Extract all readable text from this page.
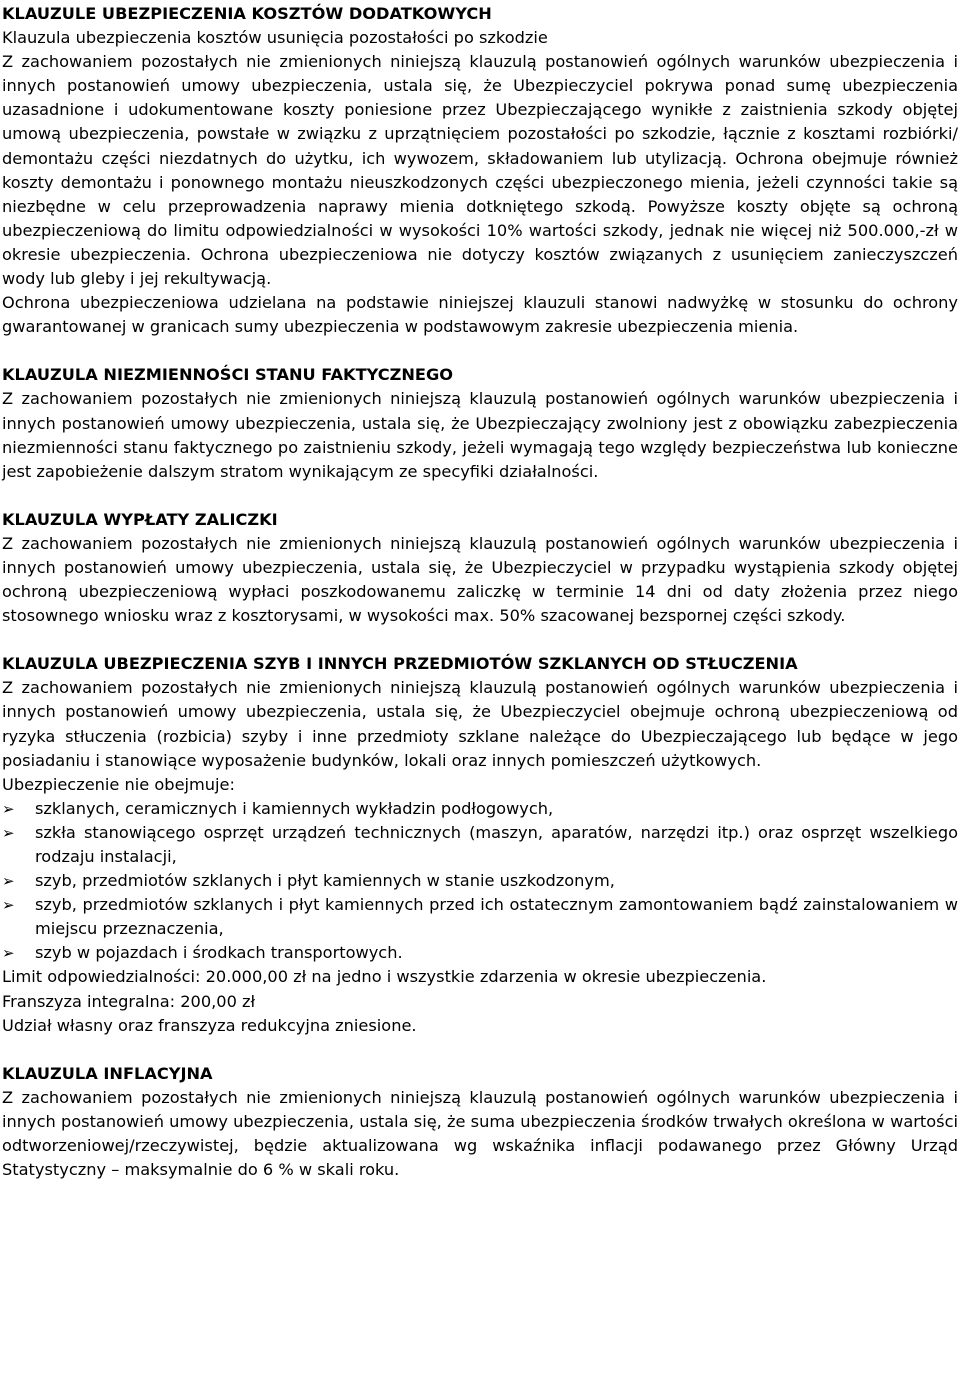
KLAUZULE UBEZPIECZENIA KOSZTÓW DODATKOWYCH

Klauzula ubezpieczenia kosztów usunięcia pozostałości po szkodzie

Z zachowaniem pozostałych nie zmienionych niniejszą klauzulą postanowień ogólnych warunków ubezpieczenia i innych postanowień umowy ubezpieczenia, ustala się, że Ubezpieczyciel pokrywa ponad sumę ubezpieczenia uzasadnione i udokumentowane koszty poniesione przez Ubezpieczającego wynikłe z zaistnienia szkody objętej umową ubezpieczenia, powstałe w związku z uprzątnięciem pozostałości po szkodzie, łącznie z kosztami rozbiórki/ demontażu części niezdatnych do użytku, ich wywozem, składowaniem lub utylizacją. Ochrona obejmuje również koszty demontażu i ponownego montażu nieuszkodzonych części ubezpieczonego mienia, jeżeli czynności takie są niezbędne w celu przeprowadzenia naprawy mienia dotkniętego szkodą. Powyższe koszty objęte są ochroną ubezpieczeniową do limitu odpowiedzialności w wysokości 10% wartości szkody, jednak nie więcej niż 500.000,-zł w okresie ubezpieczenia. Ochrona ubezpieczeniowa nie dotyczy kosztów związanych z usunięciem zanieczyszczeń wody lub gleby i jej rekultywacją.

Ochrona ubezpieczeniowa udzielana na podstawie niniejszej klauzuli stanowi nadwyżkę w stosunku do ochrony gwarantowanej w granicach sumy ubezpieczenia w podstawowym zakresie ubezpieczenia mienia.

KLAUZULA NIEZMIENNOŚCI STANU FAKTYCZNEGO

Z zachowaniem pozostałych nie zmienionych niniejszą klauzulą postanowień ogólnych warunków ubezpieczenia i innych postanowień umowy ubezpieczenia, ustala się, że Ubezpieczający zwolniony jest z obowiązku zabezpieczenia niezmienności stanu faktycznego po zaistnieniu szkody, jeżeli wymagają tego względy bezpieczeństwa lub konieczne jest zapobieżenie dalszym stratom wynikającym ze specyfiki działalności.

KLAUZULA WYPŁATY ZALICZKI

Z zachowaniem pozostałych nie zmienionych niniejszą klauzulą postanowień ogólnych warunków ubezpieczenia i innych postanowień umowy ubezpieczenia, ustala się, że Ubezpieczyciel w przypadku wystąpienia szkody objętej ochroną ubezpieczeniową wypłaci poszkodowanemu zaliczkę w terminie 14 dni od daty złożenia przez niego stosownego wniosku wraz z kosztorysami, w wysokości max. 50% szacowanej bezspornej części szkody.

KLAUZULA UBEZPIECZENIA SZYB I INNYCH PRZEDMIOTÓW SZKLANYCH OD STŁUCZENIA

Z zachowaniem pozostałych nie zmienionych niniejszą klauzulą postanowień ogólnych warunków ubezpieczenia i innych postanowień umowy ubezpieczenia, ustala się, że Ubezpieczyciel obejmuje ochroną ubezpieczeniową od ryzyka stłuczenia (rozbicia) szyby i inne przedmioty szklane należące do Ubezpieczającego lub będące w jego posiadaniu i stanowiące wyposażenie budynków, lokali oraz innych pomieszczeń użytkowych.

Ubezpieczenie nie obejmuje:

➢ szklanych, ceramicznych i kamiennych wykładzin podłogowych,
➢ szkła stanowiącego osprzęt urządzeń technicznych (maszyn, aparatów, narzędzi itp.) oraz osprzęt wszelkiego rodzaju instalacji,
➢ szyb, przedmiotów szklanych i płyt kamiennych w stanie uszkodzonym,
➢ szyb, przedmiotów szklanych i płyt kamiennych przed ich ostatecznym zamontowaniem bądź zainstalowaniem w miejscu przeznaczenia,
➢ szyb w pojazdach i środkach transportowych.

Limit odpowiedzialności: 20.000,00 zł na jedno i wszystkie zdarzenia w okresie ubezpieczenia.

Franszyza integralna: 200,00 zł

Udział własny oraz franszyza redukcyjna zniesione.

KLAUZULA INFLACYJNA

Z zachowaniem pozostałych nie zmienionych niniejszą klauzulą postanowień ogólnych warunków ubezpieczenia i innych postanowień umowy ubezpieczenia, ustala się, że suma ubezpieczenia środków trwałych określona w wartości odtworzeniowej/rzeczywistej, będzie aktualizowana wg wskaźnika inflacji podawanego przez Główny Urząd Statystyczny – maksymalnie do 6 % w skali roku.
